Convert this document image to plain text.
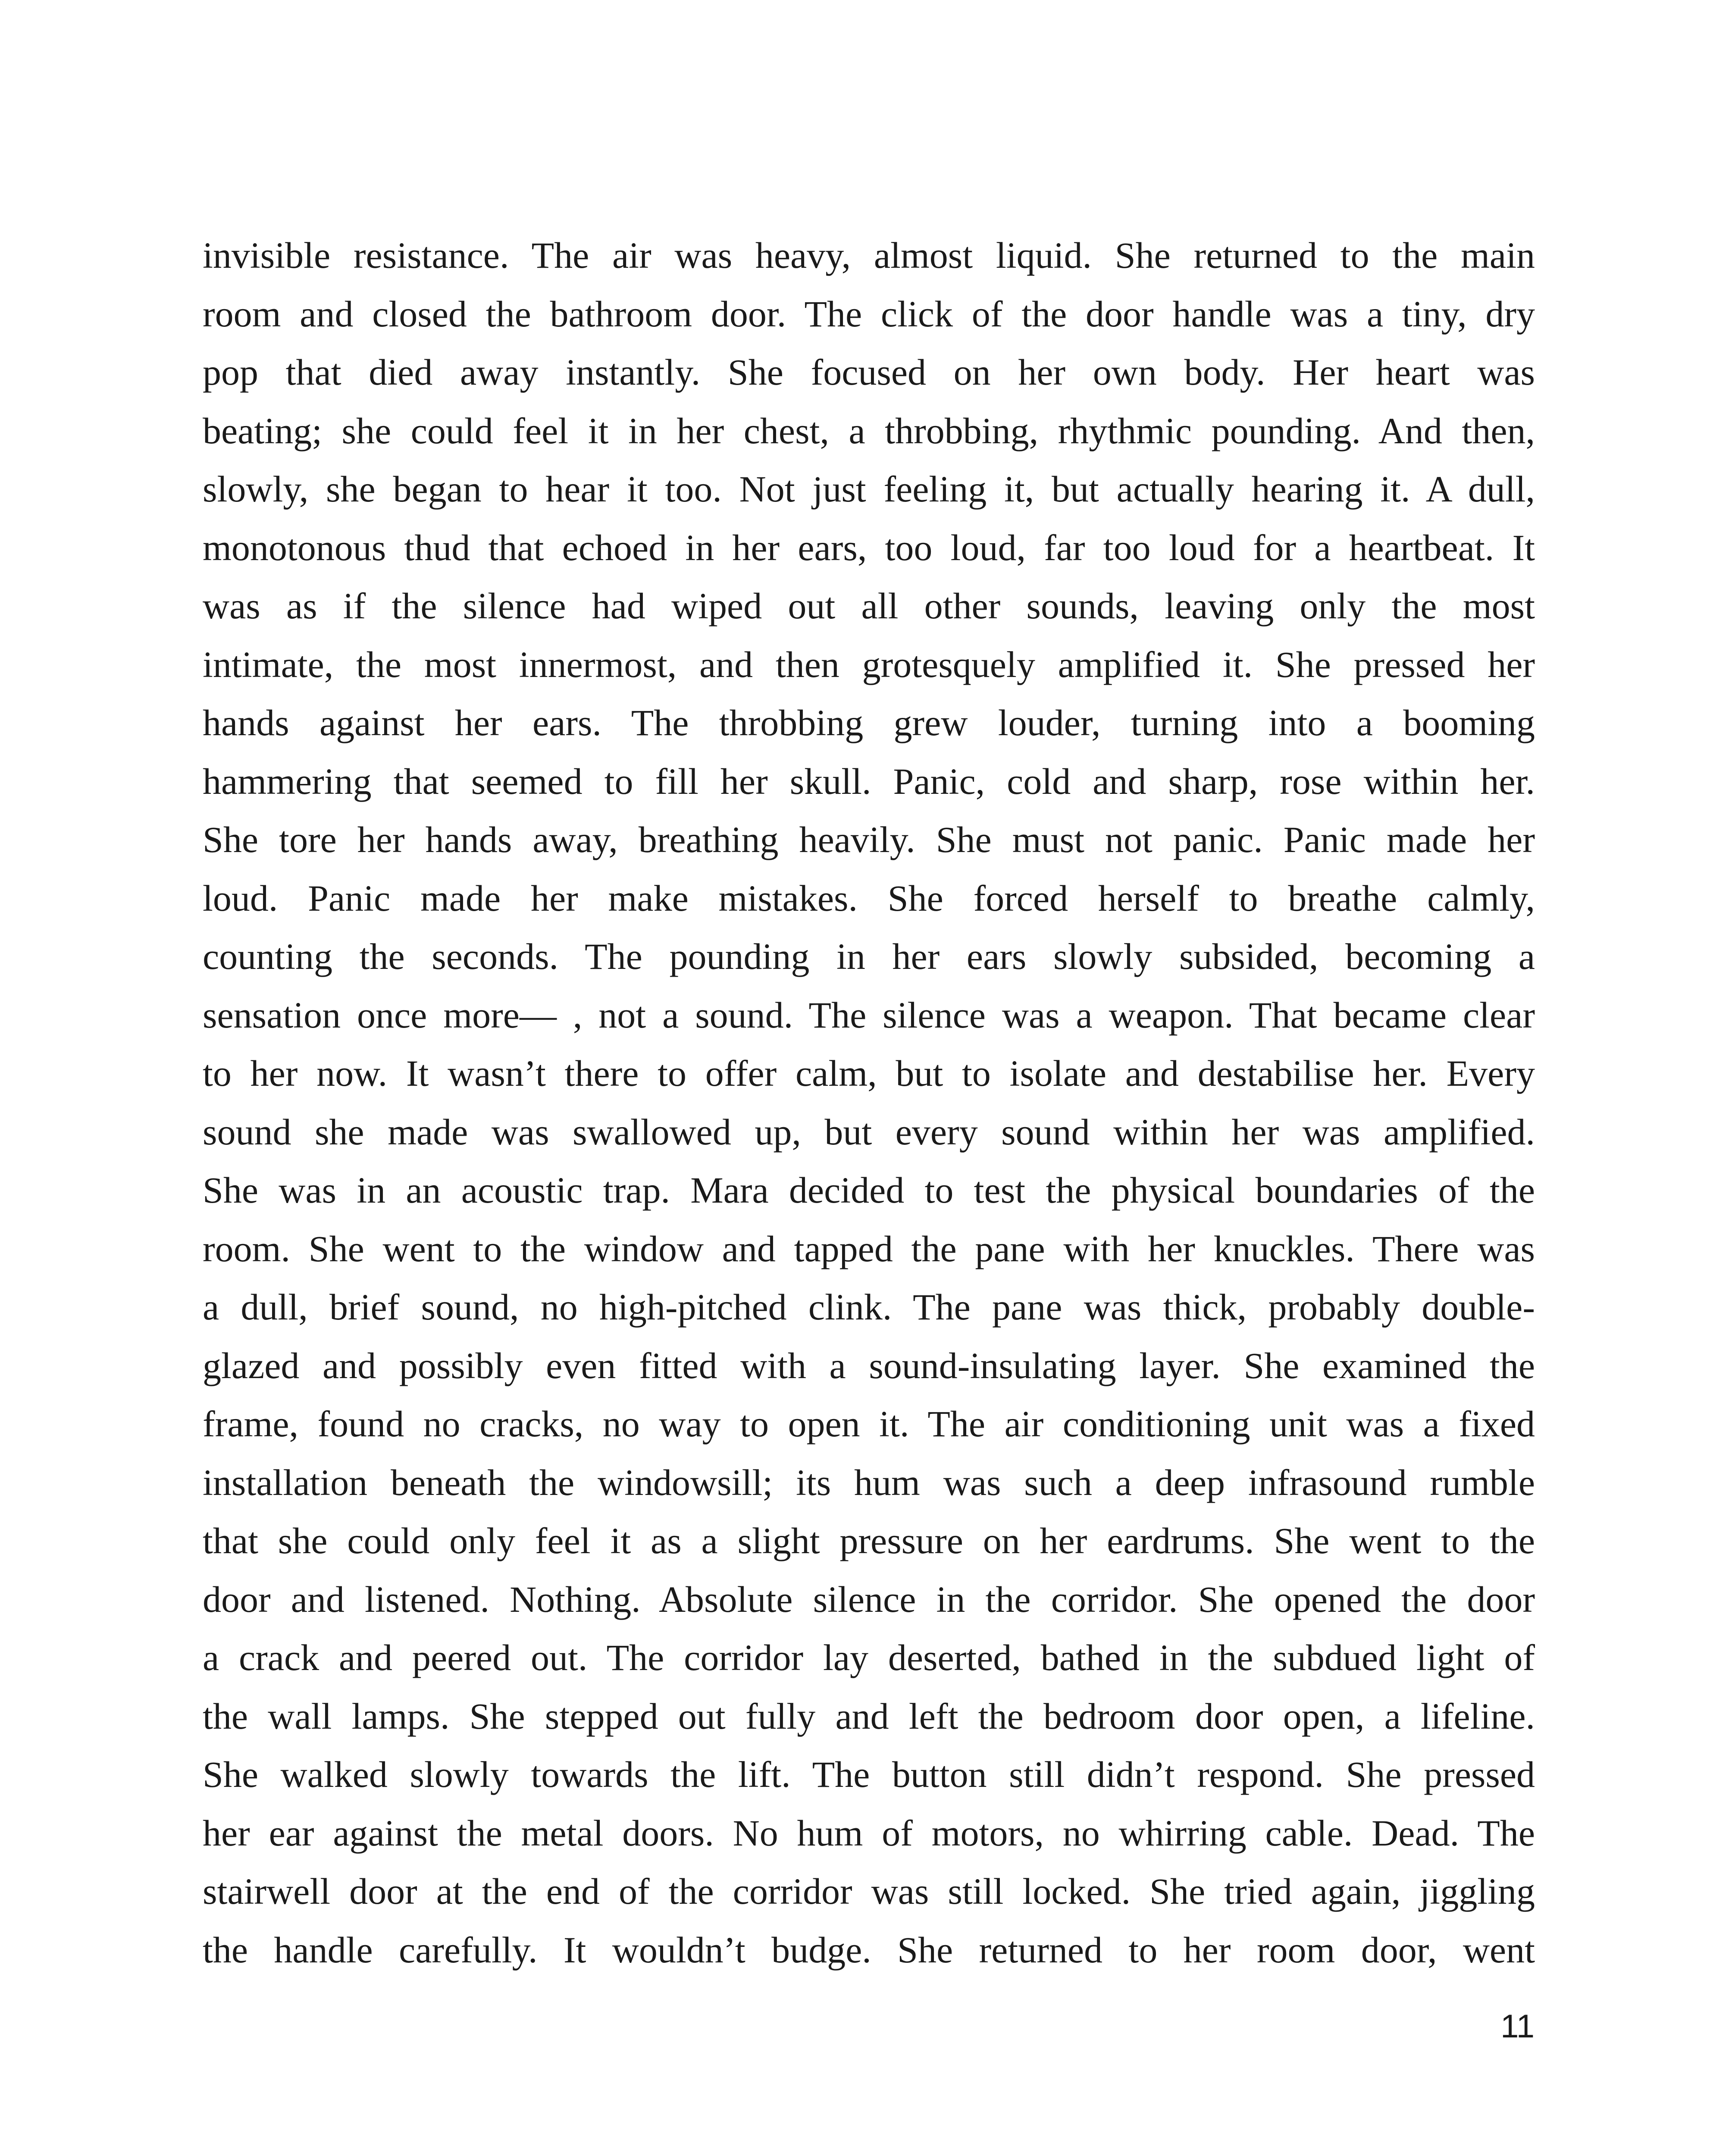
invisible resistance. The air was heavy, almost liquid. She returned to the main
room and closed the bathroom door. The click of the door handle was a tiny, dry
pop that died away instantly. She focused on her own body. Her heart was
beating; she could feel it in her chest, a throbbing, rhythmic pounding. And then,
slowly, she began to hear it too. Not just feeling it, but actually hearing it. A dull,
monotonous thud that echoed in her ears, too loud, far too loud for a heartbeat. It
was as if the silence had wiped out all other sounds, leaving only the most
intimate, the most innermost, and then grotesquely amplified it. She pressed her
hands against her ears. The throbbing grew louder, turning into a booming
hammering that seemed to fill her skull. Panic, cold and sharp, rose within her.
She tore her hands away, breathing heavily. She must not panic. Panic made her
loud. Panic made her make mistakes. She forced herself to breathe calmly,
counting the seconds. The pounding in her ears slowly subsided, becoming a
sensation once more— , not a sound. The silence was a weapon. That became clear
to her now. It wasn’t there to offer calm, but to isolate and destabilise her. Every
sound she made was swallowed up, but every sound within her was amplified.
She was in an acoustic trap. Mara decided to test the physical boundaries of the
room. She went to the window and tapped the pane with her knuckles. There was
a dull, brief sound, no high-pitched clink. The pane was thick, probably double-
glazed and possibly even fitted with a sound-insulating layer. She examined the
frame, found no cracks, no way to open it. The air conditioning unit was a fixed
installation beneath the windowsill; its hum was such a deep infrasound rumble
that she could only feel it as a slight pressure on her eardrums. She went to the
door and listened. Nothing. Absolute silence in the corridor. She opened the door
a crack and peered out. The corridor lay deserted, bathed in the subdued light of
the wall lamps. She stepped out fully and left the bedroom door open, a lifeline.
She walked slowly towards the lift. The button still didn’t respond. She pressed
her ear against the metal doors. No hum of motors, no whirring cable. Dead. The
stairwell door at the end of the corridor was still locked. She tried again, jiggling
the handle carefully. It wouldn’t budge. She returned to her room door, went
11
